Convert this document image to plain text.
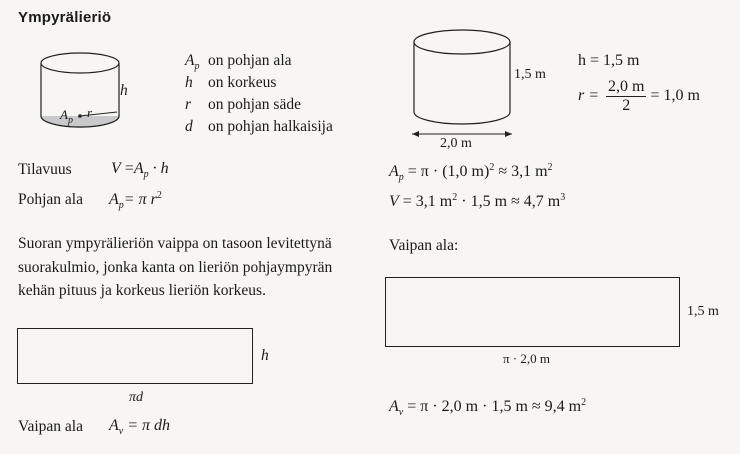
Ympyrälieriö
h
$A_p$
r
$A_p$ on pohjan ala
h on korkeus
r on pohjan säde
d on pohjan halkaisija
Tilavuus $V =A_p \cdot h$
Pohjan ala $A_p= \pi$ $r^2$
Suoran ympyrälieriön vaippa on tasoon levitettynä suorakulmio, jonka kanta on lieriön pohjaympyrän kehän pituus ja korkeus lieriön korkeus.
h
πd
Vaipan ala $A_v = \pi$ dh
1,5 m
2,0 m
h = 1,5 m
$r = \frac{2,0 m}{2} = 1,0$ m
$A_p = \pi \cdot (1,0$ m)$^2$ ≈ 3,1 $m^2$
V = 3,1 $m^2 \cdot 1,5$ m ≈ 4,7 $m^3$
Vaipan ala:
1,5 m
π · 2,0 m
$A_v = \pi \cdot 2,0$ m · 1,5 m ≈ 9,4 $m^2$
